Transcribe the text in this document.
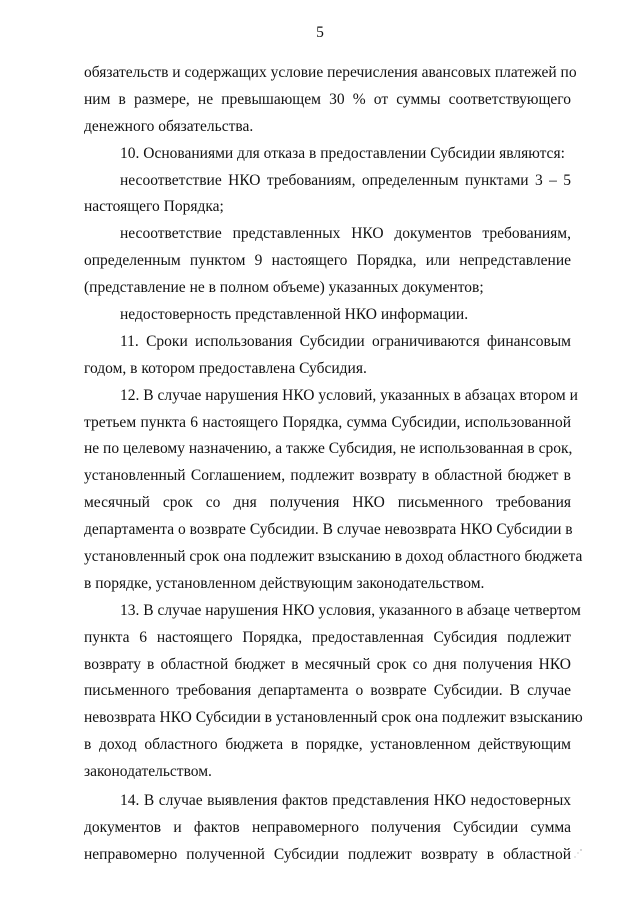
5
обязательств и содержащих условие перечисления авансовых платежей по
ним в размере, не превышающем 30 % от суммы соответствующего
денежного обязательства.
10. Основаниями для отказа в предоставлении Субсидии являются:
несоответствие НКО требованиям, определенным пунктами 3 – 5
настоящего Порядка;
несоответствие представленных НКО документов требованиям,
определенным пунктом 9 настоящего Порядка, или непредставление
(представление не в полном объеме) указанных документов;
недостоверность представленной НКО информации.
11. Сроки использования Субсидии ограничиваются финансовым
годом, в котором предоставлена Субсидия.
12. В случае нарушения НКО условий, указанных в абзацах втором и
третьем пункта 6 настоящего Порядка, сумма Субсидии, использованной
не по целевому назначению, а также Субсидия, не использованная в срок,
установленный Соглашением, подлежит возврату в областной бюджет в
месячный срок со дня получения НКО письменного требования
департамента о возврате Субсидии. В случае невозврата НКО Субсидии в
установленный срок она подлежит взысканию в доход областного бюджета
в порядке, установленном действующим законодательством.
13. В случае нарушения НКО условия, указанного в абзаце четвертом
пункта 6 настоящего Порядка, предоставленная Субсидия подлежит
возврату в областной бюджет в месячный срок со дня получения НКО
письменного требования департамента о возврате Субсидии. В случае
невозврата НКО Субсидии в установленный срок она подлежит взысканию
в доход областного бюджета в порядке, установленном действующим
законодательством.
14. В случае выявления фактов представления НКО недостоверных
документов и фактов неправомерного получения Субсидии сумма
неправомерно полученной Субсидии подлежит возврату в областной
